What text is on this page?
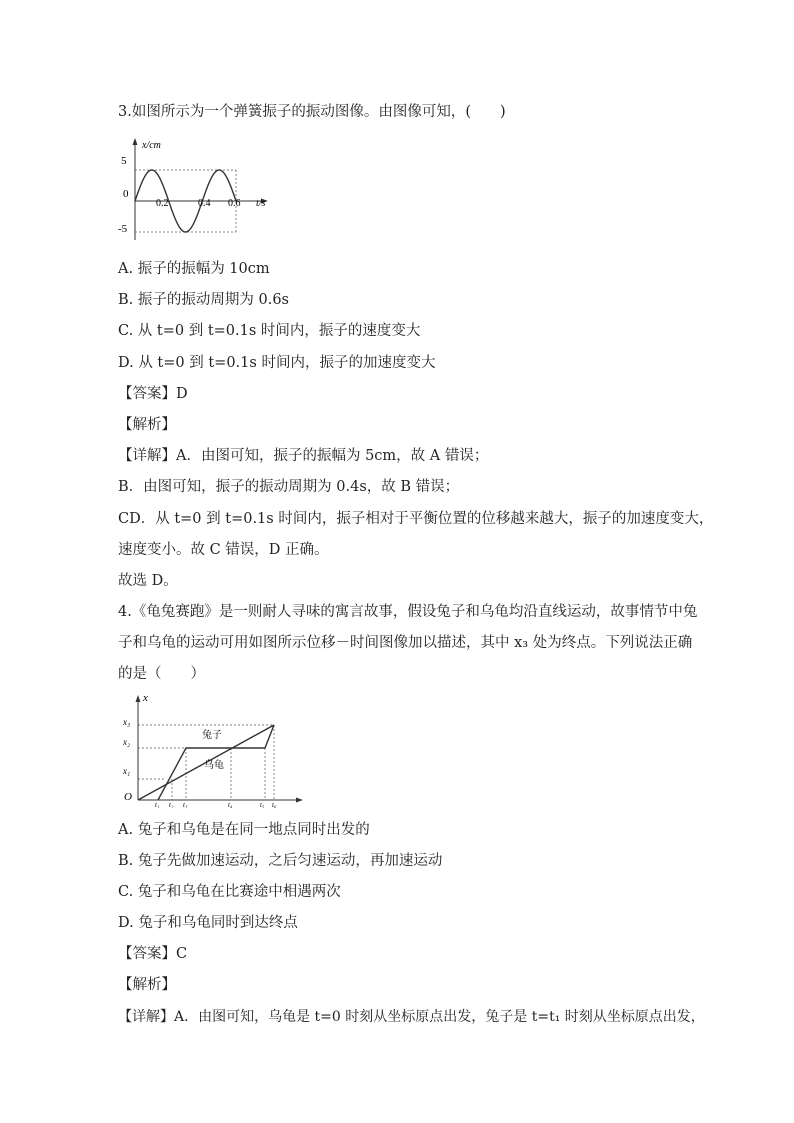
3.如图所示为一个弹簧振子的振动图像。由图像可知，(　　)
x/cm
5
0
-5
0.2	0.4 0.6 t/s
A. 振子的振幅为 10cm
B. 振子的振动周期为 0.6s
C. 从 t=0 到 t=0.1s 时间内，振子的速度变大
D. 从 t=0 到 t=0.1s 时间内，振子的加速度变大
【答案】D
【解析】
【详解】A．由图可知，振子的振幅为 5cm，故 A 错误；
B．由图可知，振子的振动周期为 0.4s，故 B 错误；
CD．从 t=0 到 t=0.1s 时间内，振子相对于平衡位置的位移越来越大，振子的加速度变大，
速度变小。故 C 错误，D 正确。
故选 D。
4.《龟兔赛跑》是一则耐人寻味的寓言故事，假设兔子和乌龟均沿直线运动，故事情节中兔
子和乌龟的运动可用如图所示位移－时间图像加以描述，其中 x₃ 处为终点。下列说法正确
的是（　　）
x
x₃
x₂
x₁
O
兔子
乌龟
t₁ t₂ t₃	t₄	t₅ t₆
A. 兔子和乌龟是在同一地点同时出发的
B. 兔子先做加速运动，之后匀速运动，再加速运动
C. 兔子和乌龟在比赛途中相遇两次
D. 兔子和乌龟同时到达终点
【答案】C
【解析】
【详解】A．由图可知，乌龟是 t=0 时刻从坐标原点出发，兔子是 t=t₁ 时刻从坐标原点出发，
